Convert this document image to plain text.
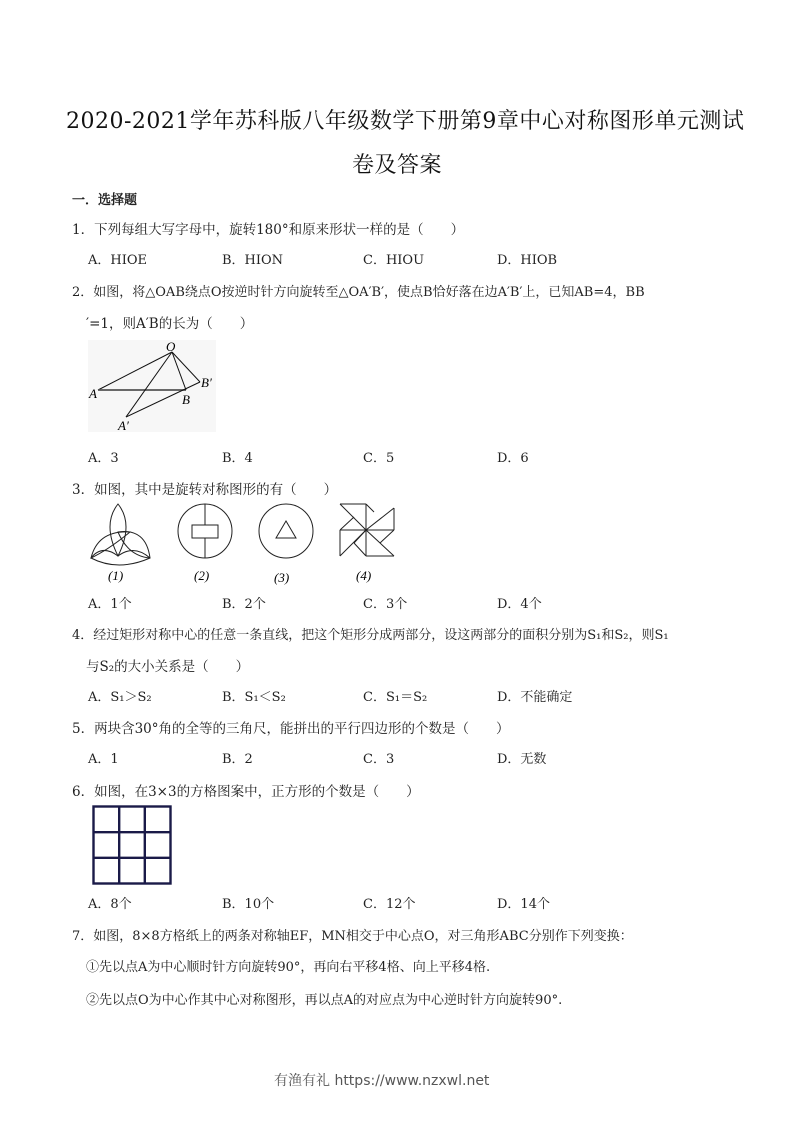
2020-2021学年苏科版八年级数学下册第9章中心对称图形单元测试
卷及答案
一．选择题
1．下列每组大写字母中，旋转180°和原来形状一样的是（　　）
A．HIOE	B．HION	C．HIOU	D．HIOB
2．如图，将△OAB绕点O按逆时针方向旋转至△OA′B′，使点B恰好落在边A′B′上，已知AB=4，BB
′=1，则A′B的长为（　　）
O
A
B′
B
A′
A．3	B．4	C．5	D．6
3．如图，其中是旋转对称图形的有（　　）
(1)	(2)	(3)	(4)
A．1个	B．2个	C．3个	D．4个
4．经过矩形对称中心的任意一条直线，把这个矩形分成两部分，设这两部分的面积分别为S₁和S₂，则S₁
与S₂的大小关系是（　　）
A．S₁＞S₂	B．S₁＜S₂	C．S₁＝S₂	D．不能确定
5．两块含30°角的全等的三角尺，能拼出的平行四边形的个数是（　　）
A．1	B．2	C．3	D．无数
6．如图，在3×3的方格图案中，正方形的个数是（　　）
A．8个	B．10个	C．12个	D．14个
7．如图，8×8方格纸上的两条对称轴EF，MN相交于中心点O，对三角形ABC分别作下列变换：
①先以点A为中心顺时针方向旋转90°，再向右平移4格、向上平移4格.
②先以点O为中心作其中心对称图形，再以点A的对应点为中心逆时针方向旋转90°.
有渔有礼 https://www.nzxwl.net
